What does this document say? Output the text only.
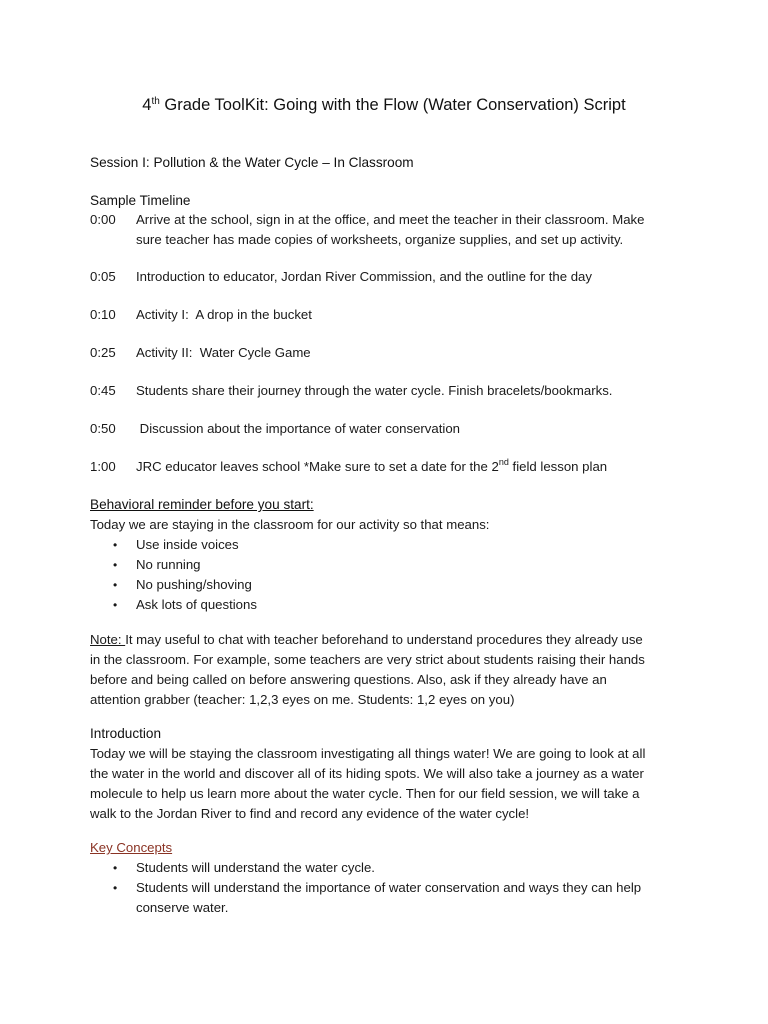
4th Grade ToolKit: Going with the Flow (Water Conservation) Script
Session I: Pollution & the Water Cycle – In Classroom
Sample Timeline
0:00	Arrive at the school, sign in at the office, and meet the teacher in their classroom. Make
sure teacher has made copies of worksheets, organize supplies, and set up activity.
0:05	Introduction to educator, Jordan River Commission, and the outline for the day
0:10	Activity I:  A drop in the bucket
0:25	Activity II:  Water Cycle Game
0:45	Students share their journey through the water cycle. Finish bracelets/bookmarks.
0:50	Discussion about the importance of water conservation
1:00	JRC educator leaves school *Make sure to set a date for the 2nd field lesson plan
Behavioral reminder before you start:
Today we are staying in the classroom for our activity so that means:
• Use inside voices
• No running
• No pushing/shoving
• Ask lots of questions
Note: It may useful to chat with teacher beforehand to understand procedures they already use
in the classroom. For example, some teachers are very strict about students raising their hands
before and being called on before answering questions. Also, ask if they already have an
attention grabber (teacher: 1,2,3 eyes on me. Students: 1,2 eyes on you)
Introduction
Today we will be staying the classroom investigating all things water! We are going to look at all
the water in the world and discover all of its hiding spots. We will also take a journey as a water
molecule to help us learn more about the water cycle. Then for our field session, we will take a
walk to the Jordan River to find and record any evidence of the water cycle!
Key Concepts
• Students will understand the water cycle.
• Students will understand the importance of water conservation and ways they can help
conserve water.
